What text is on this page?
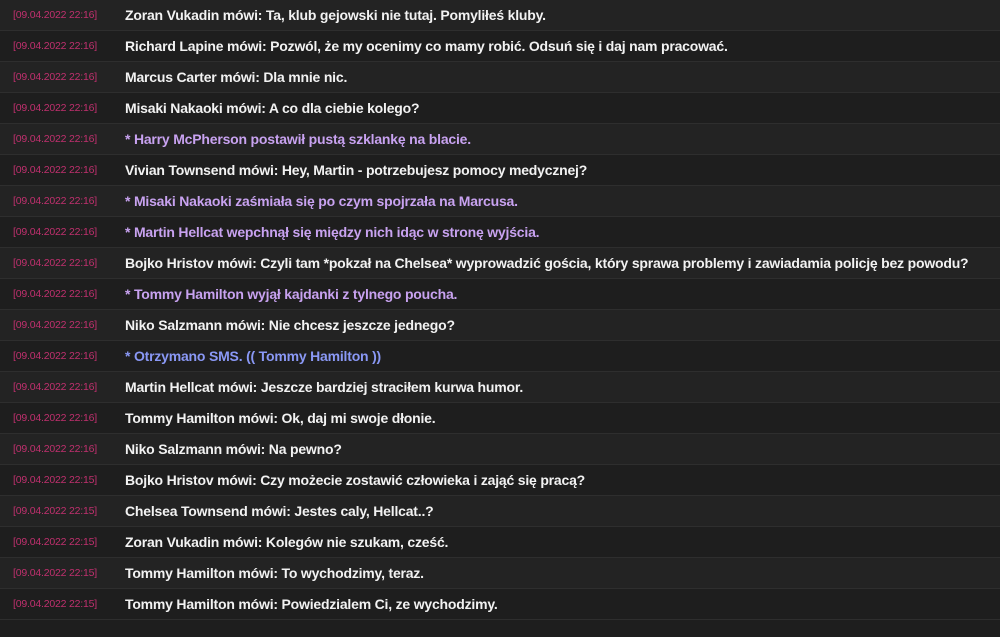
[09.04.2022 22:16] Zoran Vukadin mówi: Ta, klub gejowski nie tutaj. Pomyliłeś kluby.
[09.04.2022 22:16] Richard Lapine mówi: Pozwól, że my ocenimy co mamy robić. Odsuń się i daj nam pracować.
[09.04.2022 22:16] Marcus Carter mówi: Dla mnie nic.
[09.04.2022 22:16] Misaki Nakaoki mówi: A co dla ciebie kolego?
[09.04.2022 22:16] * Harry McPherson postawił pustą szklankę na blacie.
[09.04.2022 22:16] Vivian Townsend mówi: Hey, Martin - potrzebujesz pomocy medycznej?
[09.04.2022 22:16] * Misaki Nakaoki zaśmiała się po czym spojrzała na Marcusa.
[09.04.2022 22:16] * Martin Hellcat wepchnął się między nich idąc w stronę wyjścia.
[09.04.2022 22:16] Bojko Hristov mówi: Czyli tam *pokzał na Chelsea* wyprowadzić gościa, który sprawa problemy i zawiadamia policję bez powodu?
[09.04.2022 22:16] * Tommy Hamilton wyjął kajdanki z tylnego poucha.
[09.04.2022 22:16] Niko Salzmann mówi: Nie chcesz jeszcze jednego?
[09.04.2022 22:16] * Otrzymano SMS. (( Tommy Hamilton ))
[09.04.2022 22:16] Martin Hellcat mówi: Jeszcze bardziej straciłem kurwa humor.
[09.04.2022 22:16] Tommy Hamilton mówi: Ok, daj mi swoje dłonie.
[09.04.2022 22:16] Niko Salzmann mówi: Na pewno?
[09.04.2022 22:15] Bojko Hristov mówi: Czy możecie zostawić człowieka i zająć się pracą?
[09.04.2022 22:15] Chelsea Townsend mówi: Jestes caly, Hellcat..?
[09.04.2022 22:15] Zoran Vukadin mówi: Kolegów nie szukam, cześć.
[09.04.2022 22:15] Tommy Hamilton mówi: To wychodzimy, teraz.
[09.04.2022 22:15] Tommy Hamilton mówi: Powiedzialem Ci, ze wychodzimy.
